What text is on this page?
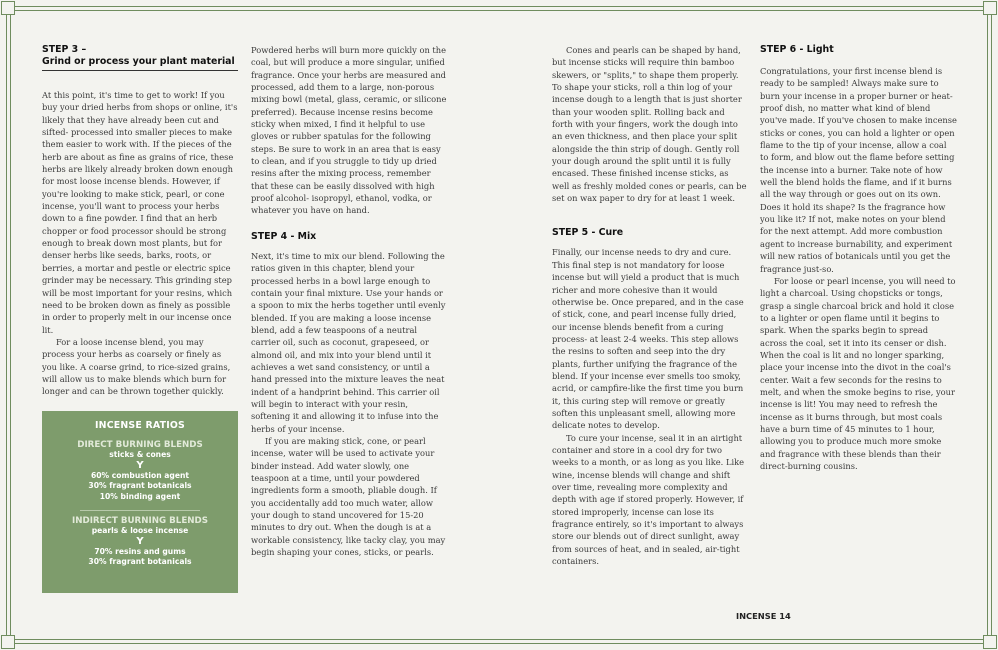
STEP 3 –

Grind or process your plant material

At this point, it's time to get to work! If you buy your dried herbs from shops or online, it's likely that they have already been cut and sifted- processed into smaller pieces to make them easier to work with. If the pieces of the herb are about as fine as grains of rice, these herbs are likely already broken down enough for most loose incense blends. However, if you're looking to make stick, pearl, or cone incense, you'll want to process your herbs down to a fine powder. I find that an herb chopper or food processor should be strong enough to break down most plants, but for denser herbs like seeds, barks, roots, or berries, a mortar and pestle or electric spice grinder may be necessary. This grinding step will be most important for your resins, which need to be broken down as finely as possible in order to properly melt in our incense once lit.

For a loose incense blend, you may process your herbs as coarsely or finely as you like. A coarse grind, to rice-sized grains, will allow us to make blends which burn for longer and can be thrown together quickly.

INCENSE RATIOS
DIRECT BURNING BLENDS
sticks & cones
Y
60% combustion agent
30% fragrant botanicals
10% binding agent
INDIRECT BURNING BLENDS
pearls & loose incense
Y
70% resins and gums
30% fragrant botanicals

Powdered herbs will burn more quickly on the coal, but will produce a more singular, unified fragrance. Once your herbs are measured and processed, add them to a large, non-porous mixing bowl (metal, glass, ceramic, or silicone preferred). Because incense resins become sticky when mixed, I find it helpful to use gloves or rubber spatulas for the following steps. Be sure to work in an area that is easy to clean, and if you struggle to tidy up dried resins after the mixing process, remember that these can be easily dissolved with high proof alcohol- isopropyl, ethanol, vodka, or whatever you have on hand.

STEP 4 - Mix

Next, it's time to mix our blend. Following the ratios given in this chapter, blend your processed herbs in a bowl large enough to contain your final mixture. Use your hands or a spoon to mix the herbs together until evenly blended. If you are making a loose incense blend, add a few teaspoons of a neutral carrier oil, such as coconut, grapeseed, or almond oil, and mix into your blend until it achieves a wet sand consistency, or until a hand pressed into the mixture leaves the neat indent of a handprint behind. This carrier oil will begin to interact with your resin, softening it and allowing it to infuse into the herbs of your incense.

If you are making stick, cone, or pearl incense, water will be used to activate your binder instead. Add water slowly, one teaspoon at a time, until your powdered ingredients form a smooth, pliable dough. If you accidentally add too much water, allow your dough to stand uncovered for 15-20 minutes to dry out. When the dough is at a workable consistency, like tacky clay, you may begin shaping your cones, sticks, or pearls.

Cones and pearls can be shaped by hand, but incense sticks will require thin bamboo skewers, or "splits," to shape them properly. To shape your sticks, roll a thin log of your incense dough to a length that is just shorter than your wooden split. Rolling back and forth with your fingers, work the dough into an even thickness, and then place your split alongside the thin strip of dough. Gently roll your dough around the split until it is fully encased. These finished incense sticks, as well as freshly molded cones or pearls, can be set on wax paper to dry for at least 1 week.

STEP 5 - Cure

Finally, our incense needs to dry and cure. This final step is not mandatory for loose incense but will yield a product that is much richer and more cohesive than it would otherwise be. Once prepared, and in the case of stick, cone, and pearl incense fully dried, our incense blends benefit from a curing process- at least 2-4 weeks. This step allows the resins to soften and seep into the dry plants, further unifying the fragrance of the blend. If your incense ever smells too smoky, acrid, or campfire-like the first time you burn it, this curing step will remove or greatly soften this unpleasant smell, allowing more delicate notes to develop.

To cure your incense, seal it in an airtight container and store in a cool dry for two weeks to a month, or as long as you like. Like wine, incense blends will change and shift over time, revealing more complexity and depth with age if stored properly. However, if stored improperly, incense can lose its fragrance entirely, so it's important to always store our blends out of direct sunlight, away from sources of heat, and in sealed, air-tight containers.

STEP 6 - Light

Congratulations, your first incense blend is ready to be sampled! Always make sure to burn your incense in a proper burner or heat-proof dish, no matter what kind of blend you've made. If you've chosen to make incense sticks or cones, you can hold a lighter or open flame to the tip of your incense, allow a coal to form, and blow out the flame before setting the incense into a burner. Take note of how well the blend holds the flame, and if it burns all the way through or goes out on its own. Does it hold its shape? Is the fragrance how you like it? If not, make notes on your blend for the next attempt. Add more combustion agent to increase burnability, and experiment will new ratios of botanicals until you get the fragrance just-so.

For loose or pearl incense, you will need to light a charcoal. Using chopsticks or tongs, grasp a single charcoal brick and hold it close to a lighter or open flame until it begins to spark. When the sparks begin to spread across the coal, set it into its censer or dish. When the coal is lit and no longer sparking, place your incense into the divot in the coal's center. Wait a few seconds for the resins to melt, and when the smoke begins to rise, your incense is lit! You may need to refresh the incense as it burns through, but most coals have a burn time of 45 minutes to 1 hour, allowing you to produce much more smoke and fragrance with these blends than their direct-burning cousins.

INCENSE 14
